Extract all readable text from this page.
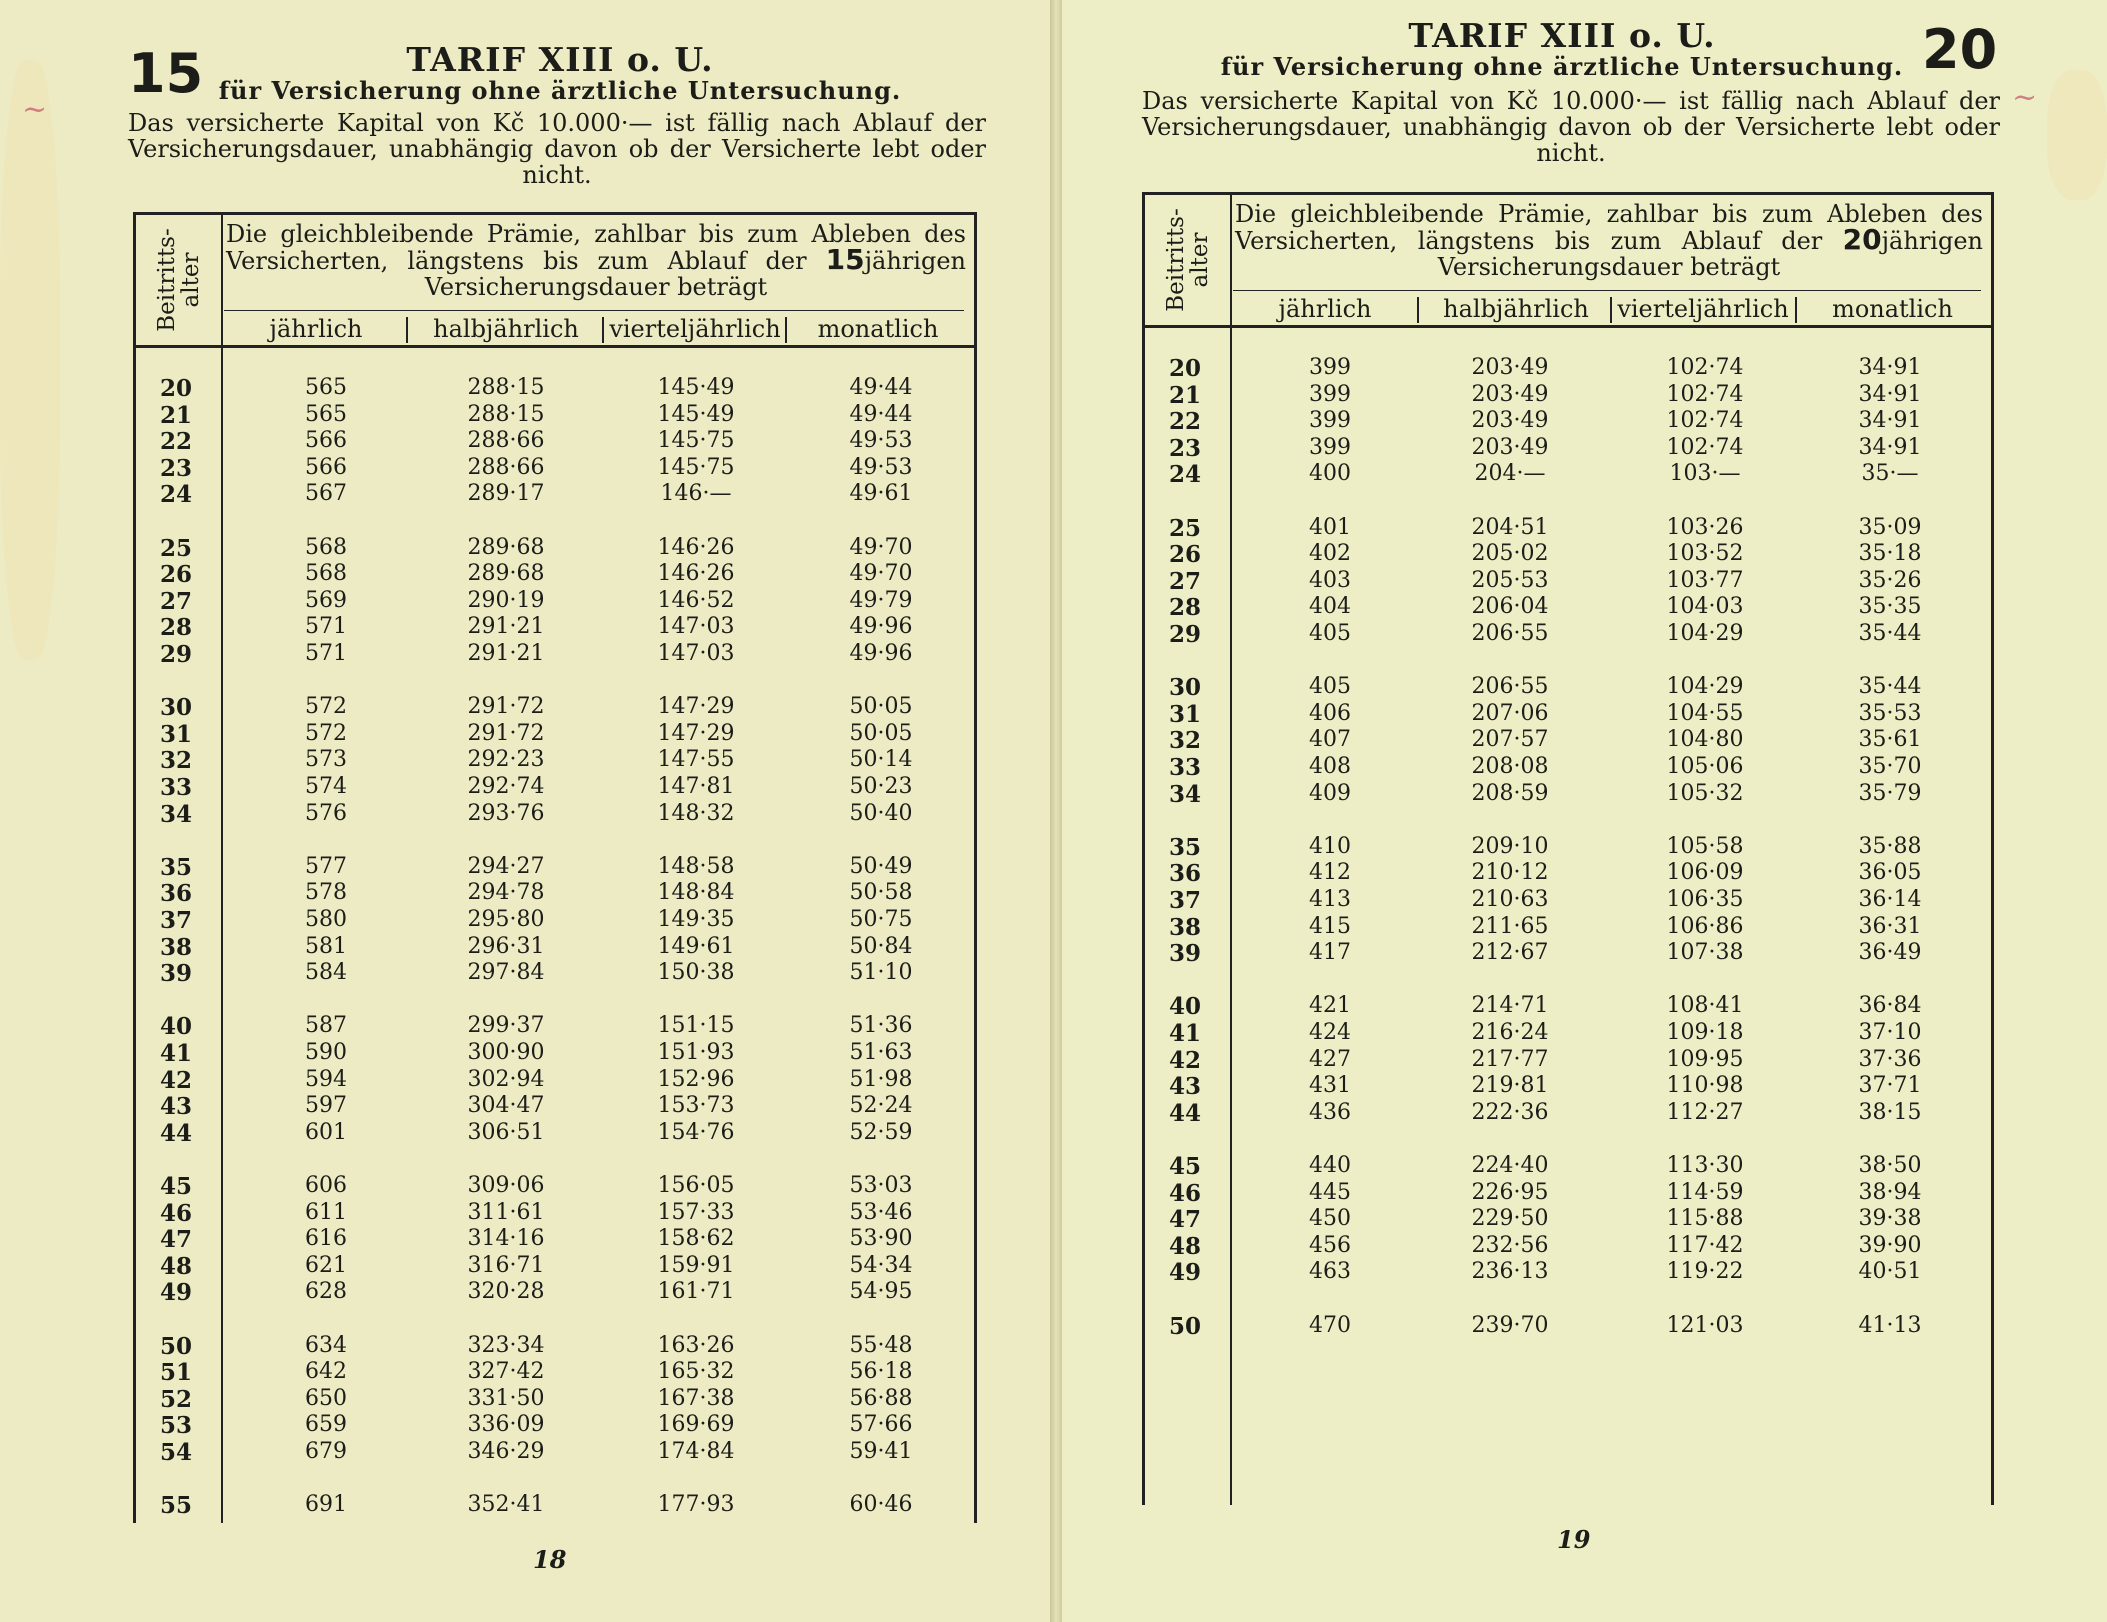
~
15	TARIF XIII o. U.
für Versicherung ohne ärztliche Untersuchung.
Das versicherte Kapital von Kč 10.000·— ist fällig nach Ablauf der Versicherungsdauer, unabhängig davon ob der Versicherte lebt oder nicht.
Beitritts-
alter
Die gleichbleibende Prämie, zahlbar bis zum Ableben des Versicherten, längstens bis zum Ablauf der 15jährigen Versicherungsdauer beträgt
jährlich	halbjährlich	vierteljährlich	monatlich
20	565	288·15	145·49	49·44
21	565	288·15	145·49	49·44
22	566	288·66	145·75	49·53
23	566	288·66	145·75	49·53
24	567	289·17	146·—	49·61
25	568	289·68	146·26	49·70
26	568	289·68	146·26	49·70
27	569	290·19	146·52	49·79
28	571	291·21	147·03	49·96
29	571	291·21	147·03	49·96
30	572	291·72	147·29	50·05
31	572	291·72	147·29	50·05
32	573	292·23	147·55	50·14
33	574	292·74	147·81	50·23
34	576	293·76	148·32	50·40
35	577	294·27	148·58	50·49
36	578	294·78	148·84	50·58
37	580	295·80	149·35	50·75
38	581	296·31	149·61	50·84
39	584	297·84	150·38	51·10
40	587	299·37	151·15	51·36
41	590	300·90	151·93	51·63
42	594	302·94	152·96	51·98
43	597	304·47	153·73	52·24
44	601	306·51	154·76	52·59
45	606	309·06	156·05	53·03
46	611	311·61	157·33	53·46
47	616	314·16	158·62	53·90
48	621	316·71	159·91	54·34
49	628	320·28	161·71	54·95
50	634	323·34	163·26	55·48
51	642	327·42	165·32	56·18
52	650	331·50	167·38	56·88
53	659	336·09	169·69	57·66
54	679	346·29	174·84	59·41
55	691	352·41	177·93	60·46
18
~
TARIF XIII o. U.	20
für Versicherung ohne ärztliche Untersuchung.
Das versicherte Kapital von Kč 10.000·— ist fällig nach Ablauf der Versicherungsdauer, unabhängig davon ob der Versicherte lebt oder nicht.
Beitritts-
alter
Die gleichbleibende Prämie, zahlbar bis zum Ableben des Versicherten, längstens bis zum Ablauf der 20jährigen Versicherungsdauer beträgt
jährlich	halbjährlich	vierteljährlich	monatlich
20	399	203·49	102·74	34·91
21	399	203·49	102·74	34·91
22	399	203·49	102·74	34·91
23	399	203·49	102·74	34·91
24	400	204·—	103·—	35·—
25	401	204·51	103·26	35·09
26	402	205·02	103·52	35·18
27	403	205·53	103·77	35·26
28	404	206·04	104·03	35·35
29	405	206·55	104·29	35·44
30	405	206·55	104·29	35·44
31	406	207·06	104·55	35·53
32	407	207·57	104·80	35·61
33	408	208·08	105·06	35·70
34	409	208·59	105·32	35·79
35	410	209·10	105·58	35·88
36	412	210·12	106·09	36·05
37	413	210·63	106·35	36·14
38	415	211·65	106·86	36·31
39	417	212·67	107·38	36·49
40	421	214·71	108·41	36·84
41	424	216·24	109·18	37·10
42	427	217·77	109·95	37·36
43	431	219·81	110·98	37·71
44	436	222·36	112·27	38·15
45	440	224·40	113·30	38·50
46	445	226·95	114·59	38·94
47	450	229·50	115·88	39·38
48	456	232·56	117·42	39·90
49	463	236·13	119·22	40·51
50	470	239·70	121·03	41·13
19
